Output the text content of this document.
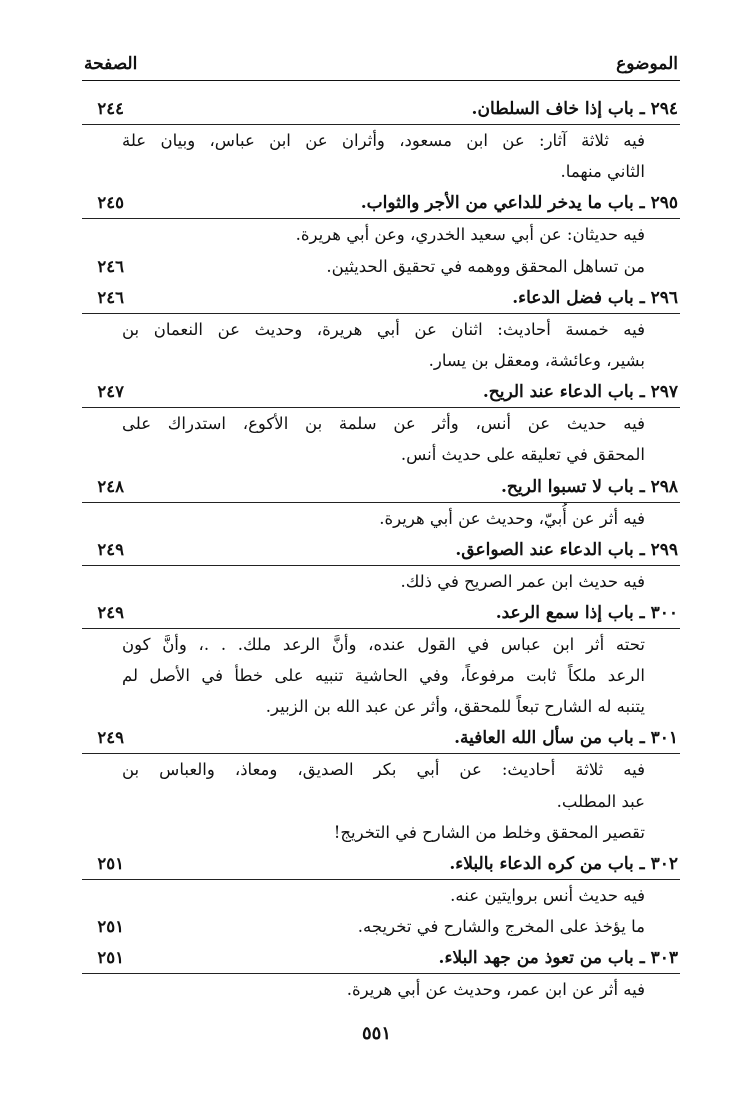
الموضوع
الصفحة
٢٩٤ ـ باب إذا خاف السلطان.
٢٤٤
فيه ثلاثة آثار: عن ابن مسعود، وأثران عن ابن عباس، وبيان علة
الثاني منهما.
٢٩٥ ـ باب ما يدخر للداعي من الأجر والثواب.
٢٤٥
فيه حديثان: عن أبي سعيد الخدري، وعن أبي هريرة.
من تساهل المحقق ووهمه في تحقيق الحديثين.
٢٤٦
٢٩٦ ـ باب فضل الدعاء.
٢٤٦
فيه خمسة أحاديث: اثنان عن أبي هريرة، وحديث عن النعمان بن
بشير، وعائشة، ومعقل بن يسار.
٢٩٧ ـ باب الدعاء عند الريح.
٢٤٧
فيه حديث عن أنس، وأثر عن سلمة بن الأكوع، استدراك على
المحقق في تعليقه على حديث أنس.
٢٩٨ ـ باب لا تسبوا الريح.
٢٤٨
فيه أثر عن أُبيّ، وحديث عن أبي هريرة.
٢٩٩ ـ باب الدعاء عند الصواعق.
٢٤٩
فيه حديث ابن عمر الصريح في ذلك.
٣٠٠ ـ باب إذا سمع الرعد.
٢٤٩
تحته أثر ابن عباس في القول عنده، وأنَّ الرعد ملك. . .، وأنَّ كون
الرعد ملكاً ثابت مرفوعاً، وفي الحاشية تنبيه على خطأ في الأصل لم
يتنبه له الشارح تبعاً للمحقق، وأثر عن عبد الله بن الزبير.
٣٠١ ـ باب من سأل الله العافية.
٢٤٩
فيه ثلاثة أحاديث: عن أبي بكر الصديق، ومعاذ، والعباس بن
عبد المطلب.
تقصير المحقق وخلط من الشارح في التخريج!
٣٠٢ ـ باب من كره الدعاء بالبلاء.
٢٥١
فيه حديث أنس بروايتين عنه.
ما يؤخذ على المخرج والشارح في تخريجه.
٢٥١
٣٠٣ ـ باب من تعوذ من جهد البلاء.
٢٥١
فيه أثر عن ابن عمر، وحديث عن أبي هريرة.
٥٥١
